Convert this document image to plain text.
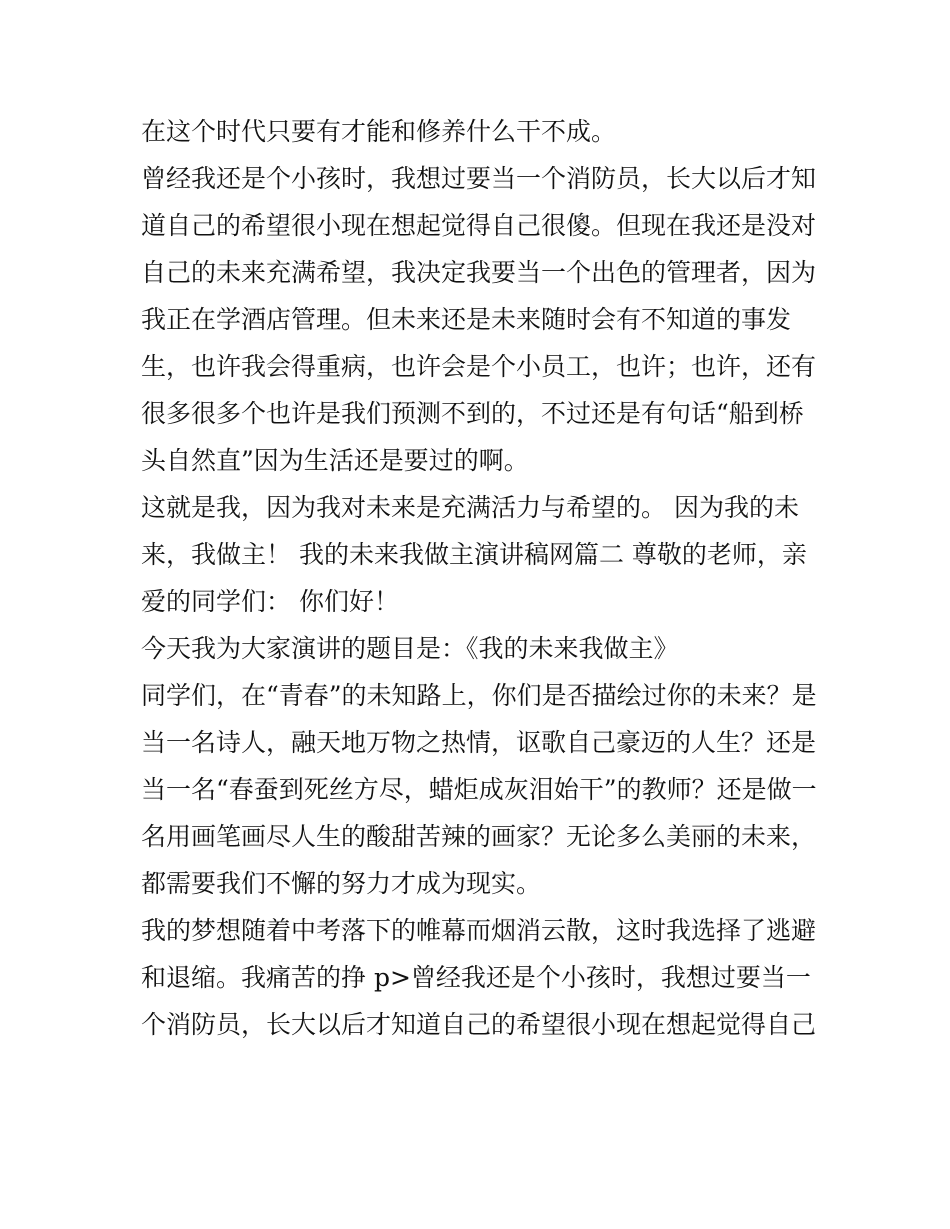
在这个时代只要有才能和修养什么干不成。
曾经我还是个小孩时，我想过要当一个消防员，长大以后才知
道自己的希望很小现在想起觉得自己很傻。但现在我还是没对
自己的未来充满希望，我决定我要当一个出色的管理者，因为
我正在学酒店管理。但未来还是未来随时会有不知道的事发
生，也许我会得重病，也许会是个小员工，也许；也许，还有
很多很多个也许是我们预测不到的，不过还是有句话“船到桥
头自然直”因为生活还是要过的啊。
这就是我，因为我对未来是充满活力与希望的。 因为我的未
来，我做主！ 我的未来我做主演讲稿网篇二 尊敬的老师，亲
爱的同学们： 你们好！
今天我为大家演讲的题目是：《我的未来我做主》
同学们，在“青春”的未知路上，你们是否描绘过你的未来？是
当一名诗人，融天地万物之热情，讴歌自己豪迈的人生？还是
当一名“春蚕到死丝方尽，蜡炬成灰泪始干”的教师？还是做一
名用画笔画尽人生的酸甜苦辣的画家？无论多么美丽的未来，
都需要我们不懈的努力才成为现实。
我的梦想随着中考落下的帷幕而烟消云散，这时我选择了逃避
和退缩。我痛苦的挣 p>曾经我还是个小孩时，我想过要当一
个消防员，长大以后才知道自己的希望很小现在想起觉得自己
